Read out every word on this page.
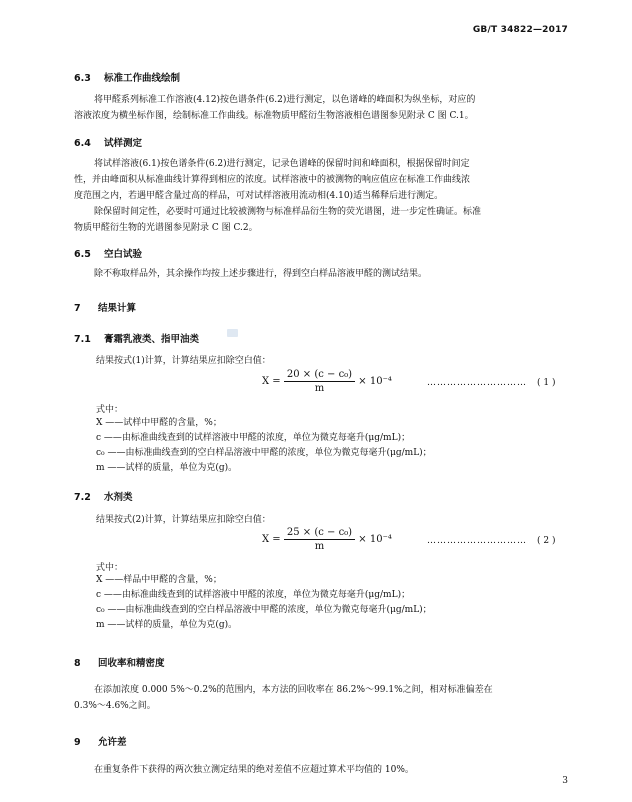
GB/T 34822—2017
6.3 标准工作曲线绘制
将甲醛系列标准工作溶液(4.12)按色谱条件(6.2)进行测定，以色谱峰的峰面积为纵坐标，对应的
溶液浓度为横坐标作图，绘制标准工作曲线。标准物质甲醛衍生物溶液相色谱图参见附录 C 图 C.1。
6.4 试样测定
将试样溶液(6.1)按色谱条件(6.2)进行测定，记录色谱峰的保留时间和峰面积，根据保留时间定
性，并由峰面积从标准曲线计算得到相应的浓度。试样溶液中的被测物的响应值应在标准工作曲线浓
度范围之内，若遇甲醛含量过高的样品，可对试样溶液用流动相(4.10)适当稀释后进行测定。
除保留时间定性，必要时可通过比较被测物与标准样品衍生物的荧光谱图，进一步定性确证。标准
物质甲醛衍生物的光谱图参见附录 C 图 C.2。
6.5 空白试验
除不称取样品外，其余操作均按上述步骤进行，得到空白样品溶液甲醛的测试结果。
7 结果计算
7.1 膏霜乳液类、指甲油类
结果按式(1)计算，计算结果应扣除空白值：
$X = \frac{\text{20 × (c − c₀)}}{m} \times 10^{-4}$	………………………… ( 1 )
式中：
X ——试样中甲醛的含量，%；
c ——由标准曲线查到的试样溶液中甲醛的浓度，单位为微克每毫升(μg/mL)；
c₀ ——由标准曲线查到的空白样品溶液中甲醛的浓度，单位为微克每毫升(μg/mL)；
m ——试样的质量，单位为克(g)。
7.2 水剂类
结果按式(2)计算，计算结果应扣除空白值：
$X = \frac{\text{25 × (c − c₀)}}{m} \times 10^{-4}$	………………………… ( 2 )
式中：
X ——样品中甲醛的含量，%；
c ——由标准曲线查到的试样溶液中甲醛的浓度，单位为微克每毫升(μg/mL)；
c₀ ——由标准曲线查到的空白样品溶液中甲醛的浓度，单位为微克每毫升(μg/mL)；
m ——试样的质量，单位为克(g)。
8 回收率和精密度
在添加浓度 0.000 5%～0.2%的范围内，本方法的回收率在 86.2%～99.1%之间，相对标准偏差在
0.3%～4.6%之间。
9 允许差
在重复条件下获得的两次独立测定结果的绝对差值不应超过算术平均值的 10%。
3
